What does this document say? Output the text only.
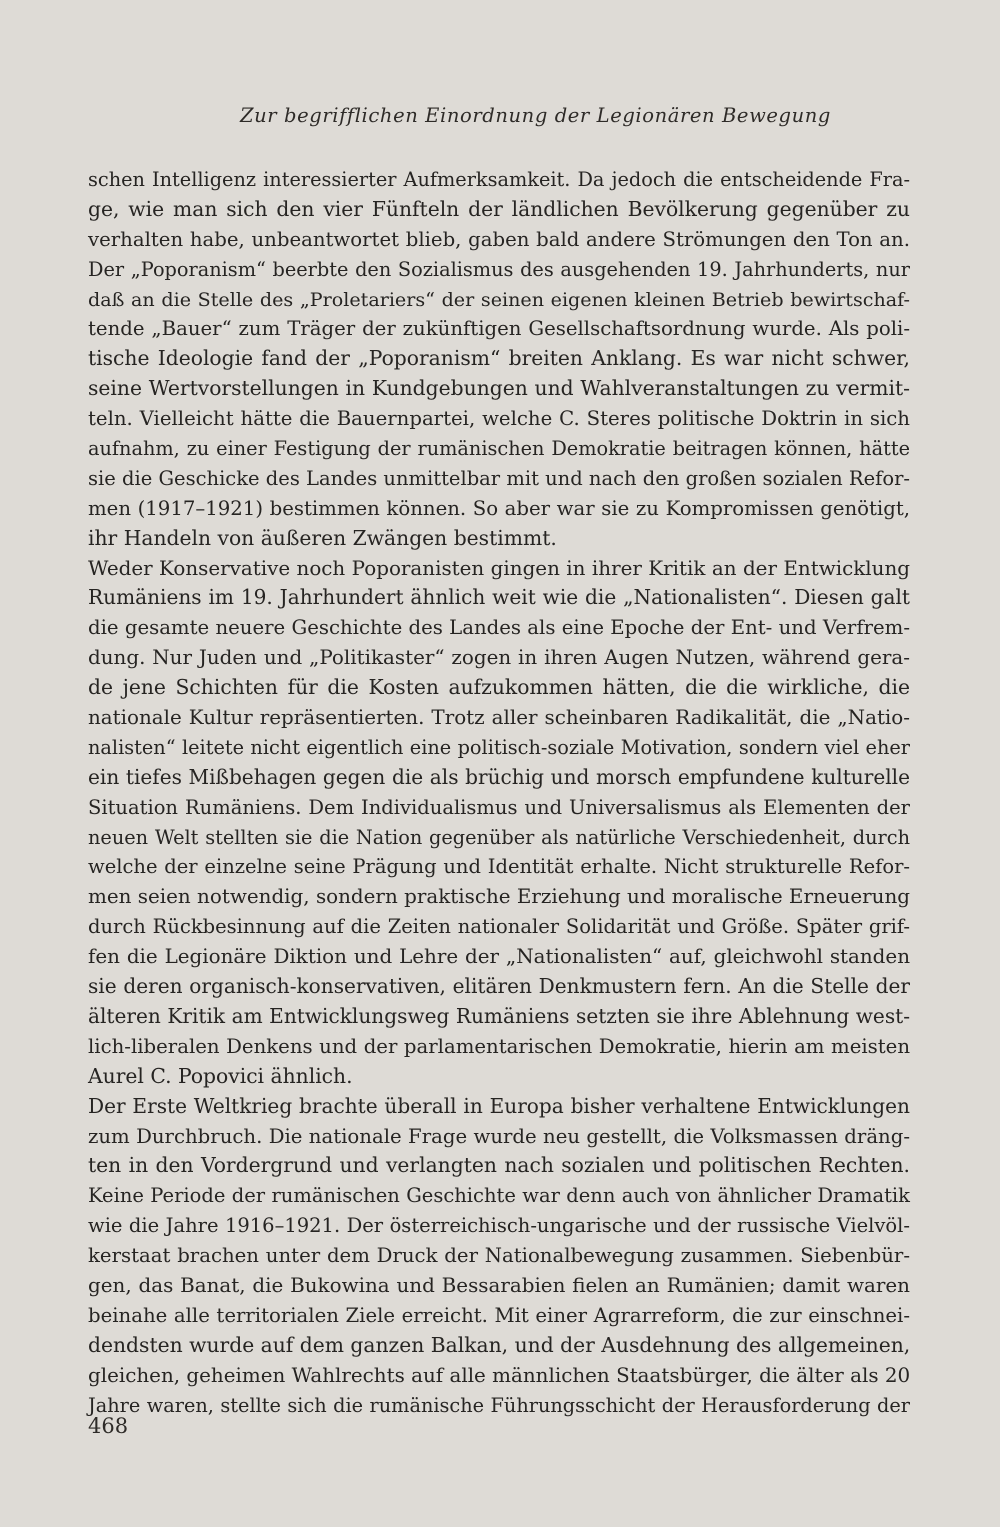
Zur begrifflichen Einordnung der Legionären Bewegung
schen Intelligenz interessierter Aufmerksamkeit. Da jedoch die entscheidende Fra-
ge, wie man sich den vier Fünfteln der ländlichen Bevölkerung gegenüber zu
verhalten habe, unbeantwortet blieb, gaben bald andere Strömungen den Ton an.
Der „Poporanism“ beerbte den Sozialismus des ausgehenden 19. Jahrhunderts, nur
daß an die Stelle des „Proletariers“ der seinen eigenen kleinen Betrieb bewirtschaf-
tende „Bauer“ zum Träger der zukünftigen Gesellschaftsordnung wurde. Als poli-
tische Ideologie fand der „Poporanism“ breiten Anklang. Es war nicht schwer,
seine Wertvorstellungen in Kundgebungen und Wahlveranstaltungen zu vermit-
teln. Vielleicht hätte die Bauernpartei, welche C. Steres politische Doktrin in sich
aufnahm, zu einer Festigung der rumänischen Demokratie beitragen können, hätte
sie die Geschicke des Landes unmittelbar mit und nach den großen sozialen Refor-
men (1917–1921) bestimmen können. So aber war sie zu Kompromissen genötigt,
ihr Handeln von äußeren Zwängen bestimmt.
Weder Konservative noch Poporanisten gingen in ihrer Kritik an der Entwicklung
Rumäniens im 19. Jahrhundert ähnlich weit wie die „Nationalisten“. Diesen galt
die gesamte neuere Geschichte des Landes als eine Epoche der Ent- und Verfrem-
dung. Nur Juden und „Politikaster“ zogen in ihren Augen Nutzen, während gera-
de jene Schichten für die Kosten aufzukommen hätten, die die wirkliche, die
nationale Kultur repräsentierten. Trotz aller scheinbaren Radikalität, die „Natio-
nalisten“ leitete nicht eigentlich eine politisch-soziale Motivation, sondern viel eher
ein tiefes Mißbehagen gegen die als brüchig und morsch empfundene kulturelle
Situation Rumäniens. Dem Individualismus und Universalismus als Elementen der
neuen Welt stellten sie die Nation gegenüber als natürliche Verschiedenheit, durch
welche der einzelne seine Prägung und Identität erhalte. Nicht strukturelle Refor-
men seien notwendig, sondern praktische Erziehung und moralische Erneuerung
durch Rückbesinnung auf die Zeiten nationaler Solidarität und Größe. Später grif-
fen die Legionäre Diktion und Lehre der „Nationalisten“ auf, gleichwohl standen
sie deren organisch-konservativen, elitären Denkmustern fern. An die Stelle der
älteren Kritik am Entwicklungsweg Rumäniens setzten sie ihre Ablehnung west-
lich-liberalen Denkens und der parlamentarischen Demokratie, hierin am meisten
Aurel C. Popovici ähnlich.
Der Erste Weltkrieg brachte überall in Europa bisher verhaltene Entwicklungen
zum Durchbruch. Die nationale Frage wurde neu gestellt, die Volksmassen dräng-
ten in den Vordergrund und verlangten nach sozialen und politischen Rechten.
Keine Periode der rumänischen Geschichte war denn auch von ähnlicher Dramatik
wie die Jahre 1916–1921. Der österreichisch-ungarische und der russische Vielvöl-
kerstaat brachen unter dem Druck der Nationalbewegung zusammen. Siebenbür-
gen, das Banat, die Bukowina und Bessarabien fielen an Rumänien; damit waren
beinahe alle territorialen Ziele erreicht. Mit einer Agrarreform, die zur einschnei-
dendsten wurde auf dem ganzen Balkan, und der Ausdehnung des allgemeinen,
gleichen, geheimen Wahlrechts auf alle männlichen Staatsbürger, die älter als 20
Jahre waren, stellte sich die rumänische Führungsschicht der Herausforderung der
468
